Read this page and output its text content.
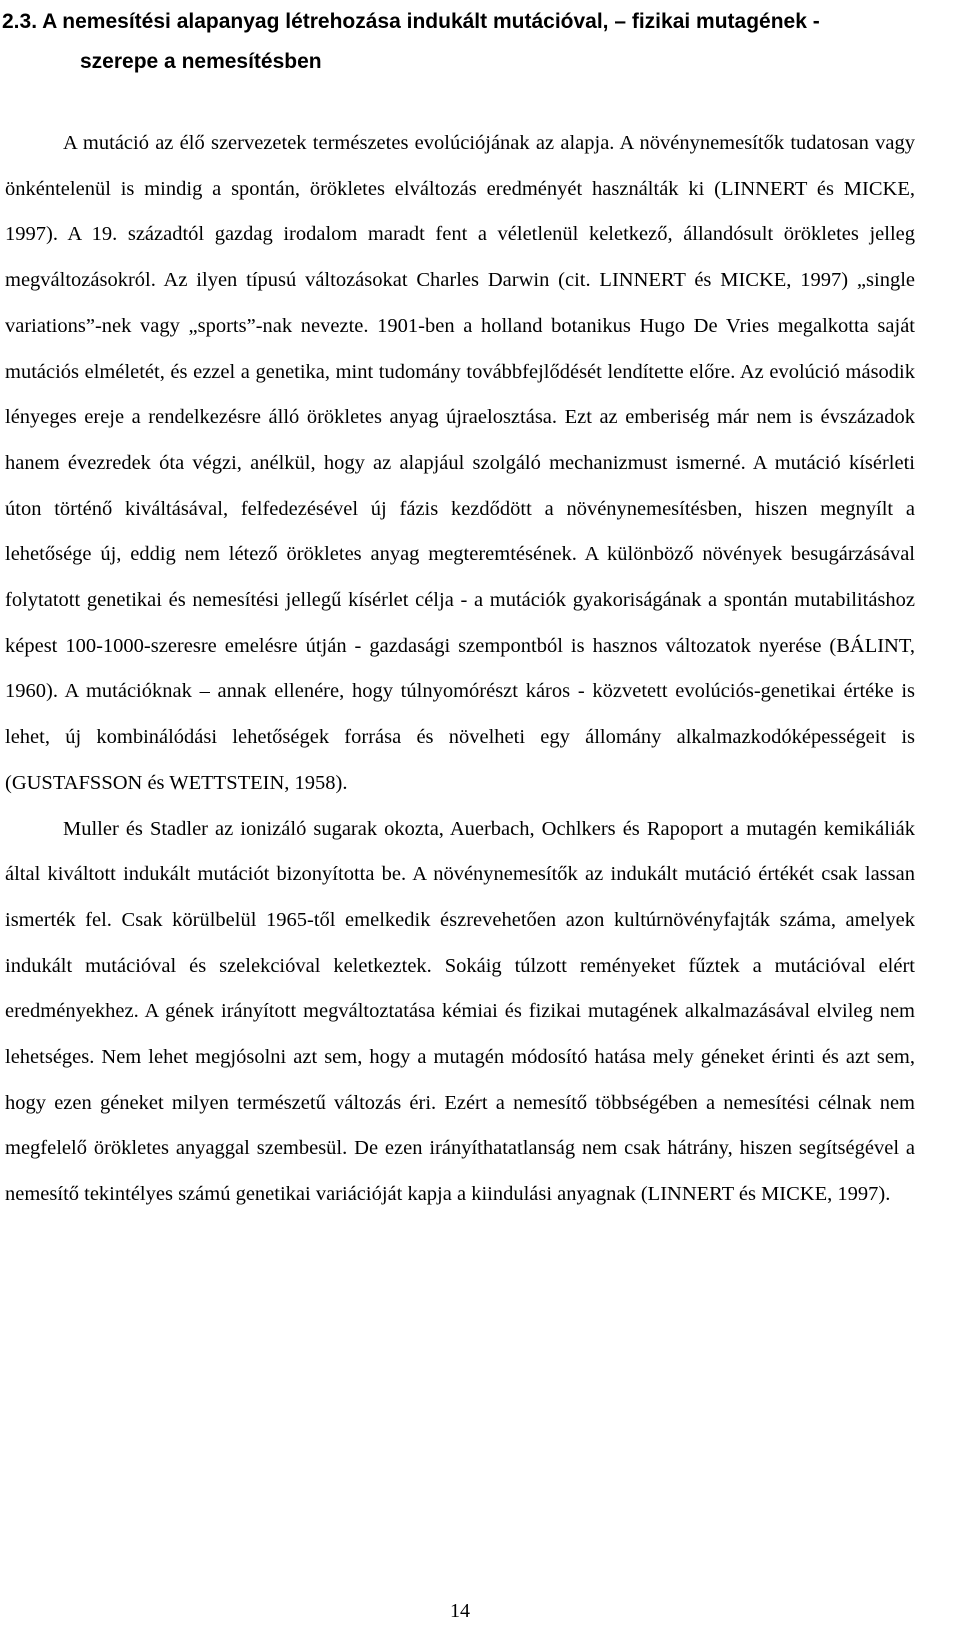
2.3. A nemesítési alapanyag létrehozása indukált mutációval, – fizikai mutagének -
szerepe a nemesítésben

A mutáció az élő szervezetek természetes evolúciójának az alapja. A növénynemesítők tudatosan vagy önkéntelenül is mindig a spontán, örökletes elváltozás eredményét használták ki (LINNERT és MICKE, 1997). A 19. századtól gazdag irodalom maradt fent a véletlenül keletkező, állandósult örökletes jelleg megváltozásokról. Az ilyen típusú változásokat Charles Darwin (cit. LINNERT és MICKE, 1997) „single variations”-nek vagy „sports”-nak nevezte. 1901-ben a holland botanikus Hugo De Vries megalkotta saját mutációs elméletét, és ezzel a genetika, mint tudomány továbbfejlődését lendítette előre. Az evolúció második lényeges ereje a rendelkezésre álló örökletes anyag újraelosztása. Ezt az emberiség már nem is évszázadok hanem évezredek óta végzi, anélkül, hogy az alapjául szolgáló mechanizmust ismerné. A mutáció kísérleti úton történő kiváltásával, felfedezésével új fázis kezdődött a növénynemesítésben, hiszen megnyílt a lehetősége új, eddig nem létező örökletes anyag megteremtésének. A különböző növények besugárzásával folytatott genetikai és nemesítési jellegű kísérlet célja - a mutációk gyakoriságának a spontán mutabilitáshoz képest 100-1000-szeresre emelésre útján - gazdasági szempontból is hasznos változatok nyerése (BÁLINT, 1960). A mutációknak – annak ellenére, hogy túlnyomórészt káros - közvetett evolúciós-genetikai értéke is lehet, új kombinálódási lehetőségek forrása és növelheti egy állomány alkalmazkodóképességeit is (GUSTAFSSON és WETTSTEIN, 1958).

Muller és Stadler az ionizáló sugarak okozta, Auerbach, Ochlkers és Rapoport a mutagén kemikáliák által kiváltott indukált mutációt bizonyította be. A növénynemesítők az indukált mutáció értékét csak lassan ismerték fel. Csak körülbelül 1965-től emelkedik észrevehetően azon kultúrnövényfajták száma, amelyek indukált mutációval és szelekcióval keletkeztek. Sokáig túlzott reményeket fűztek a mutációval elért eredményekhez. A gének irányított megváltoztatása kémiai és fizikai mutagének alkalmazásával elvileg nem lehetséges. Nem lehet megjósolni azt sem, hogy a mutagén módosító hatása mely géneket érinti és azt sem, hogy ezen géneket milyen természetű változás éri. Ezért a nemesítő többségében a nemesítési célnak nem megfelelő örökletes anyaggal szembesül. De ezen irányíthatatlanság nem csak hátrány, hiszen segítségével a nemesítő tekintélyes számú genetikai variációját kapja a kiindulási anyagnak (LINNERT és MICKE, 1997).

14
